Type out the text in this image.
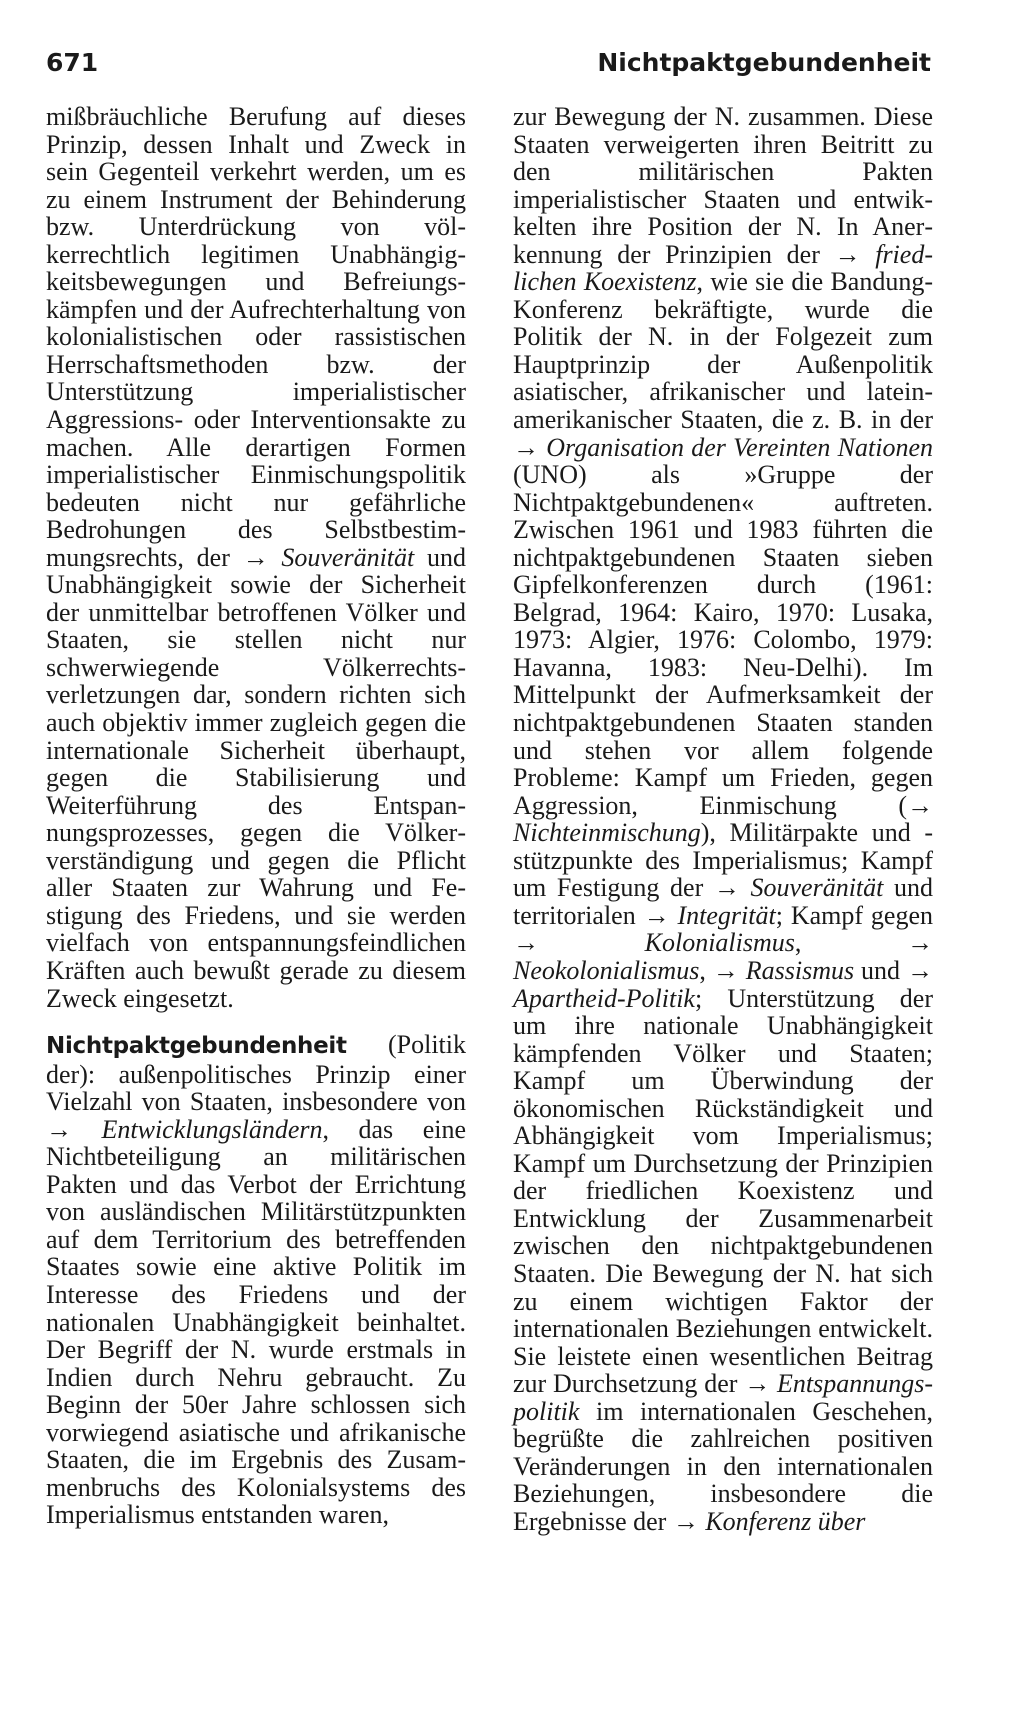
671	Nichtpaktgebundenheit

mißbräuchliche Berufung auf dieses Prinzip, dessen Inhalt und Zweck in sein Gegenteil verkehrt werden, um es zu einem Instrument der Behinderung bzw. Unterdrückung von völkerrechtlich legitimen Unabhängigkeitsbewegungen und Befreiungskämpfen und der Aufrechterhaltung von kolonialistischen oder rassistischen Herrschaftsmethoden bzw. der Unterstützung imperialistischer Aggressions- oder Interventionsakte zu machen. Alle derartigen Formen imperialistischer Einmischungspolitik bedeuten nicht nur gefährliche Bedrohungen des Selbstbestimmungsrechts, der → Souveränität und Unabhängigkeit sowie der Sicherheit der unmittelbar betroffenen Völker und Staaten, sie stellen nicht nur schwerwiegende Völkerrechtsverletzungen dar, sondern richten sich auch objektiv immer zugleich gegen die internationale Sicherheit überhaupt, gegen die Stabilisierung und Weiterführung des Entspannungsprozesses, gegen die Völkerverständigung und gegen die Pflicht aller Staaten zur Wahrung und Festigung des Friedens, und sie werden vielfach von entspannungsfeindlichen Kräften auch bewußt gerade zu diesem Zweck eingesetzt.

Nichtpaktgebundenheit (Politik der): außenpolitisches Prinzip einer Vielzahl von Staaten, insbesondere von → Entwicklungsländern, das eine Nichtbeteiligung an militärischen Pakten und das Verbot der Errichtung von ausländischen Militärstützpunkten auf dem Territorium des betreffenden Staates sowie eine aktive Politik im Interesse des Friedens und der nationalen Unabhängigkeit beinhaltet. Der Begriff der N. wurde erstmals in Indien durch Nehru gebraucht. Zu Beginn der 50er Jahre schlossen sich vorwiegend asiatische und afrikanische Staaten, die im Ergebnis des Zusammenbruchs des Kolonialsystems des Imperialismus entstanden waren,

zur Bewegung der N. zusammen. Diese Staaten verweigerten ihren Beitritt zu den militärischen Pakten imperialistischer Staaten und entwikkelten ihre Position der N. In Anerkennung der Prinzipien der → friedlichen Koexistenz, wie sie die Bandung-Konferenz bekräftigte, wurde die Politik der N. in der Folgezeit zum Hauptprinzip der Außenpolitik asiatischer, afrikanischer und lateinamerikanischer Staaten, die z. B. in der → Organisation der Vereinten Nationen (UNO) als »Gruppe der Nichtpaktgebundenen« auftreten. Zwischen 1961 und 1983 führten die nichtpaktgebundenen Staaten sieben Gipfelkonferenzen durch (1961: Belgrad, 1964: Kairo, 1970: Lusaka, 1973: Algier, 1976: Colombo, 1979: Havanna, 1983: Neu-Delhi). Im Mittelpunkt der Aufmerksamkeit der nichtpaktgebundenen Staaten standen und stehen vor allem folgende Probleme: Kampf um Frieden, gegen Aggression, Einmischung (→ Nichteinmischung), Militärpakte und -stützpunkte des Imperialismus; Kampf um Festigung der → Souveränität und territorialen → Integrität; Kampf gegen →	Kolonialismus, → Neokolonialismus, → Rassismus und → Apartheid-Politik; Unterstützung der um ihre nationale Unabhängigkeit kämpfenden Völker und Staaten; Kampf um Überwindung der ökonomischen Rückständigkeit und Abhängigkeit vom Imperialismus; Kampf um Durchsetzung der Prinzipien der friedlichen Koexistenz und Entwicklung der Zusammenarbeit zwischen den nichtpaktgebundenen Staaten. Die Bewegung der N. hat sich zu einem wichtigen Faktor der internationalen Beziehungen entwickelt. Sie leistete einen wesentlichen Beitrag zur Durchsetzung der → Entspannungspolitik im internationalen Geschehen, begrüßte die zahlreichen positiven Veränderungen in den internationalen Beziehungen, insbesondere die Ergebnisse der → Konferenz über
